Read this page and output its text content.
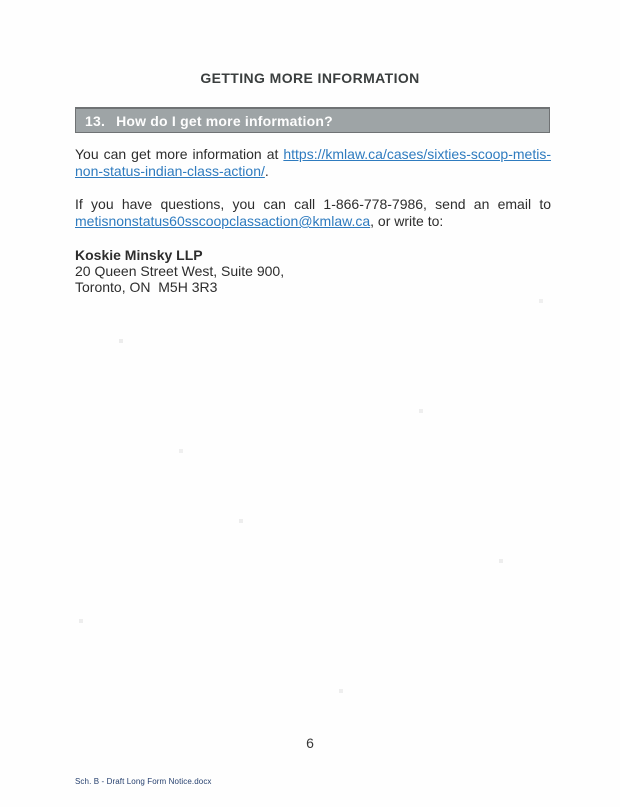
GETTING MORE INFORMATION
13. How do I get more information?

You can get more information at https://kmlaw.ca/cases/sixties-scoop-metis-non-status-indian-class-action/.

If you have questions, you can call 1-866-778-7986, send an email to metisnonstatus60sscoopclassaction@kmlaw.ca, or write to:

Koskie Minsky LLP
20 Queen Street West, Suite 900,
Toronto, ON  M5H 3R3
6
Sch. B - Draft Long Form Notice.docx
